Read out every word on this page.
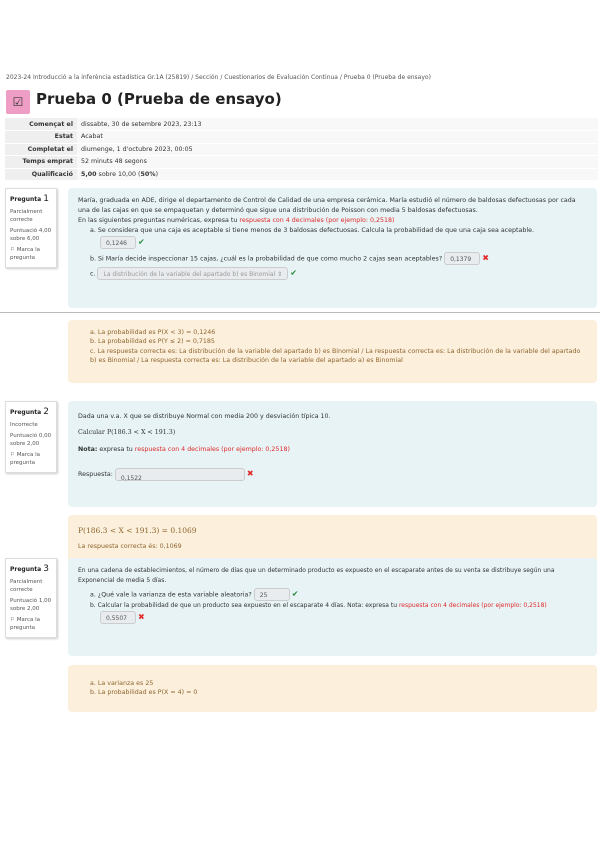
2023-24 Introducció a la inferència estadística Gr.1A (25819) / Sección / Cuestionarios de Evaluación Continua / Prueba 0 (Prueba de ensayo)
☑ Prueba 0 (Prueba de ensayo)
Començat el	dissabte, 30 de setembre 2023, 23:13
Estat	Acabat
Completat el	diumenge, 1 d'octubre 2023, 00:05
Temps emprat	52 minuts 48 segons
Qualificació	5,00 sobre 10,00 (50%)
Pregunta 1

Parcialment correcte

Puntuació 4,00 sobre 6,00

⚐ Marca la pregunta

María, graduada en ADE, dirige el departamento de Control de Calidad de una empresa cerámica. María estudió el número de baldosas defectuosas por cada una de las cajas en que se empaquetan y determinó que sigue una distribución de Poisson con media 5 baldosas defectuosas.
En las siguientes preguntas numéricas, expresa tu respuesta con 4 decimales (por ejemplo: 0,2518)
a. Se considera que una caja es aceptable si tiene menos de 3 baldosas defectuosas. Calcula la probabilidad de que una caja sea aceptable.
0,1246 ✔
b. Si María decide inspeccionar 15 cajas, ¿cuál es la probabilidad de que como mucho 2 cajas sean aceptables? 0,1379 ✖
c. La distribución de la variable del apartado b) es Binomial ⇕ ✔
a. La probabilidad es P(X < 3) = 0,1246
b. La probabilidad es P(Y ≤ 2) = 0,7185
c. La respuesta correcta es: La distribución de la variable del apartado b) es Binomial / La respuesta correcta es: La distribución de la variable del apartado b) es Binomial / La respuesta correcta es: La distribución de la variable del apartado a) es Binomial
Pregunta 2

Incorrecte

Puntuació 0,00 sobre 2,00

⚐ Marca la pregunta

Dada una v.a. X que se distribuye Normal con media 200 y desviación típica 10.
Calcular P(186.3 < X < 191.3)
Nota: expresa tu respuesta con 4 decimales (por ejemplo: 0,2518)
Respuesta: 0,1522	✖
P(186.3 < X < 191.3) = 0.1069
La respuesta correcta és: 0,1069
Pregunta 3

Parcialment correcte

Puntuació 1,00 sobre 2,00

⚐ Marca la pregunta

En una cadena de establecimientos, el número de días que un determinado producto es expuesto en el escaparate antes de su venta se distribuye según una Exponencial de media 5 días.
a. ¿Qué vale la varianza de esta variable aleatoria? 25	✔
b. Calcular la probabilidad de que un producto sea expuesto en el escaparate 4 días. Nota: expresa tu respuesta con 4 decimales (por ejemplo: 0,2518)
0,5507 ✖
a. La varianza es 25
b. La probabilidad es P(X = 4) = 0
